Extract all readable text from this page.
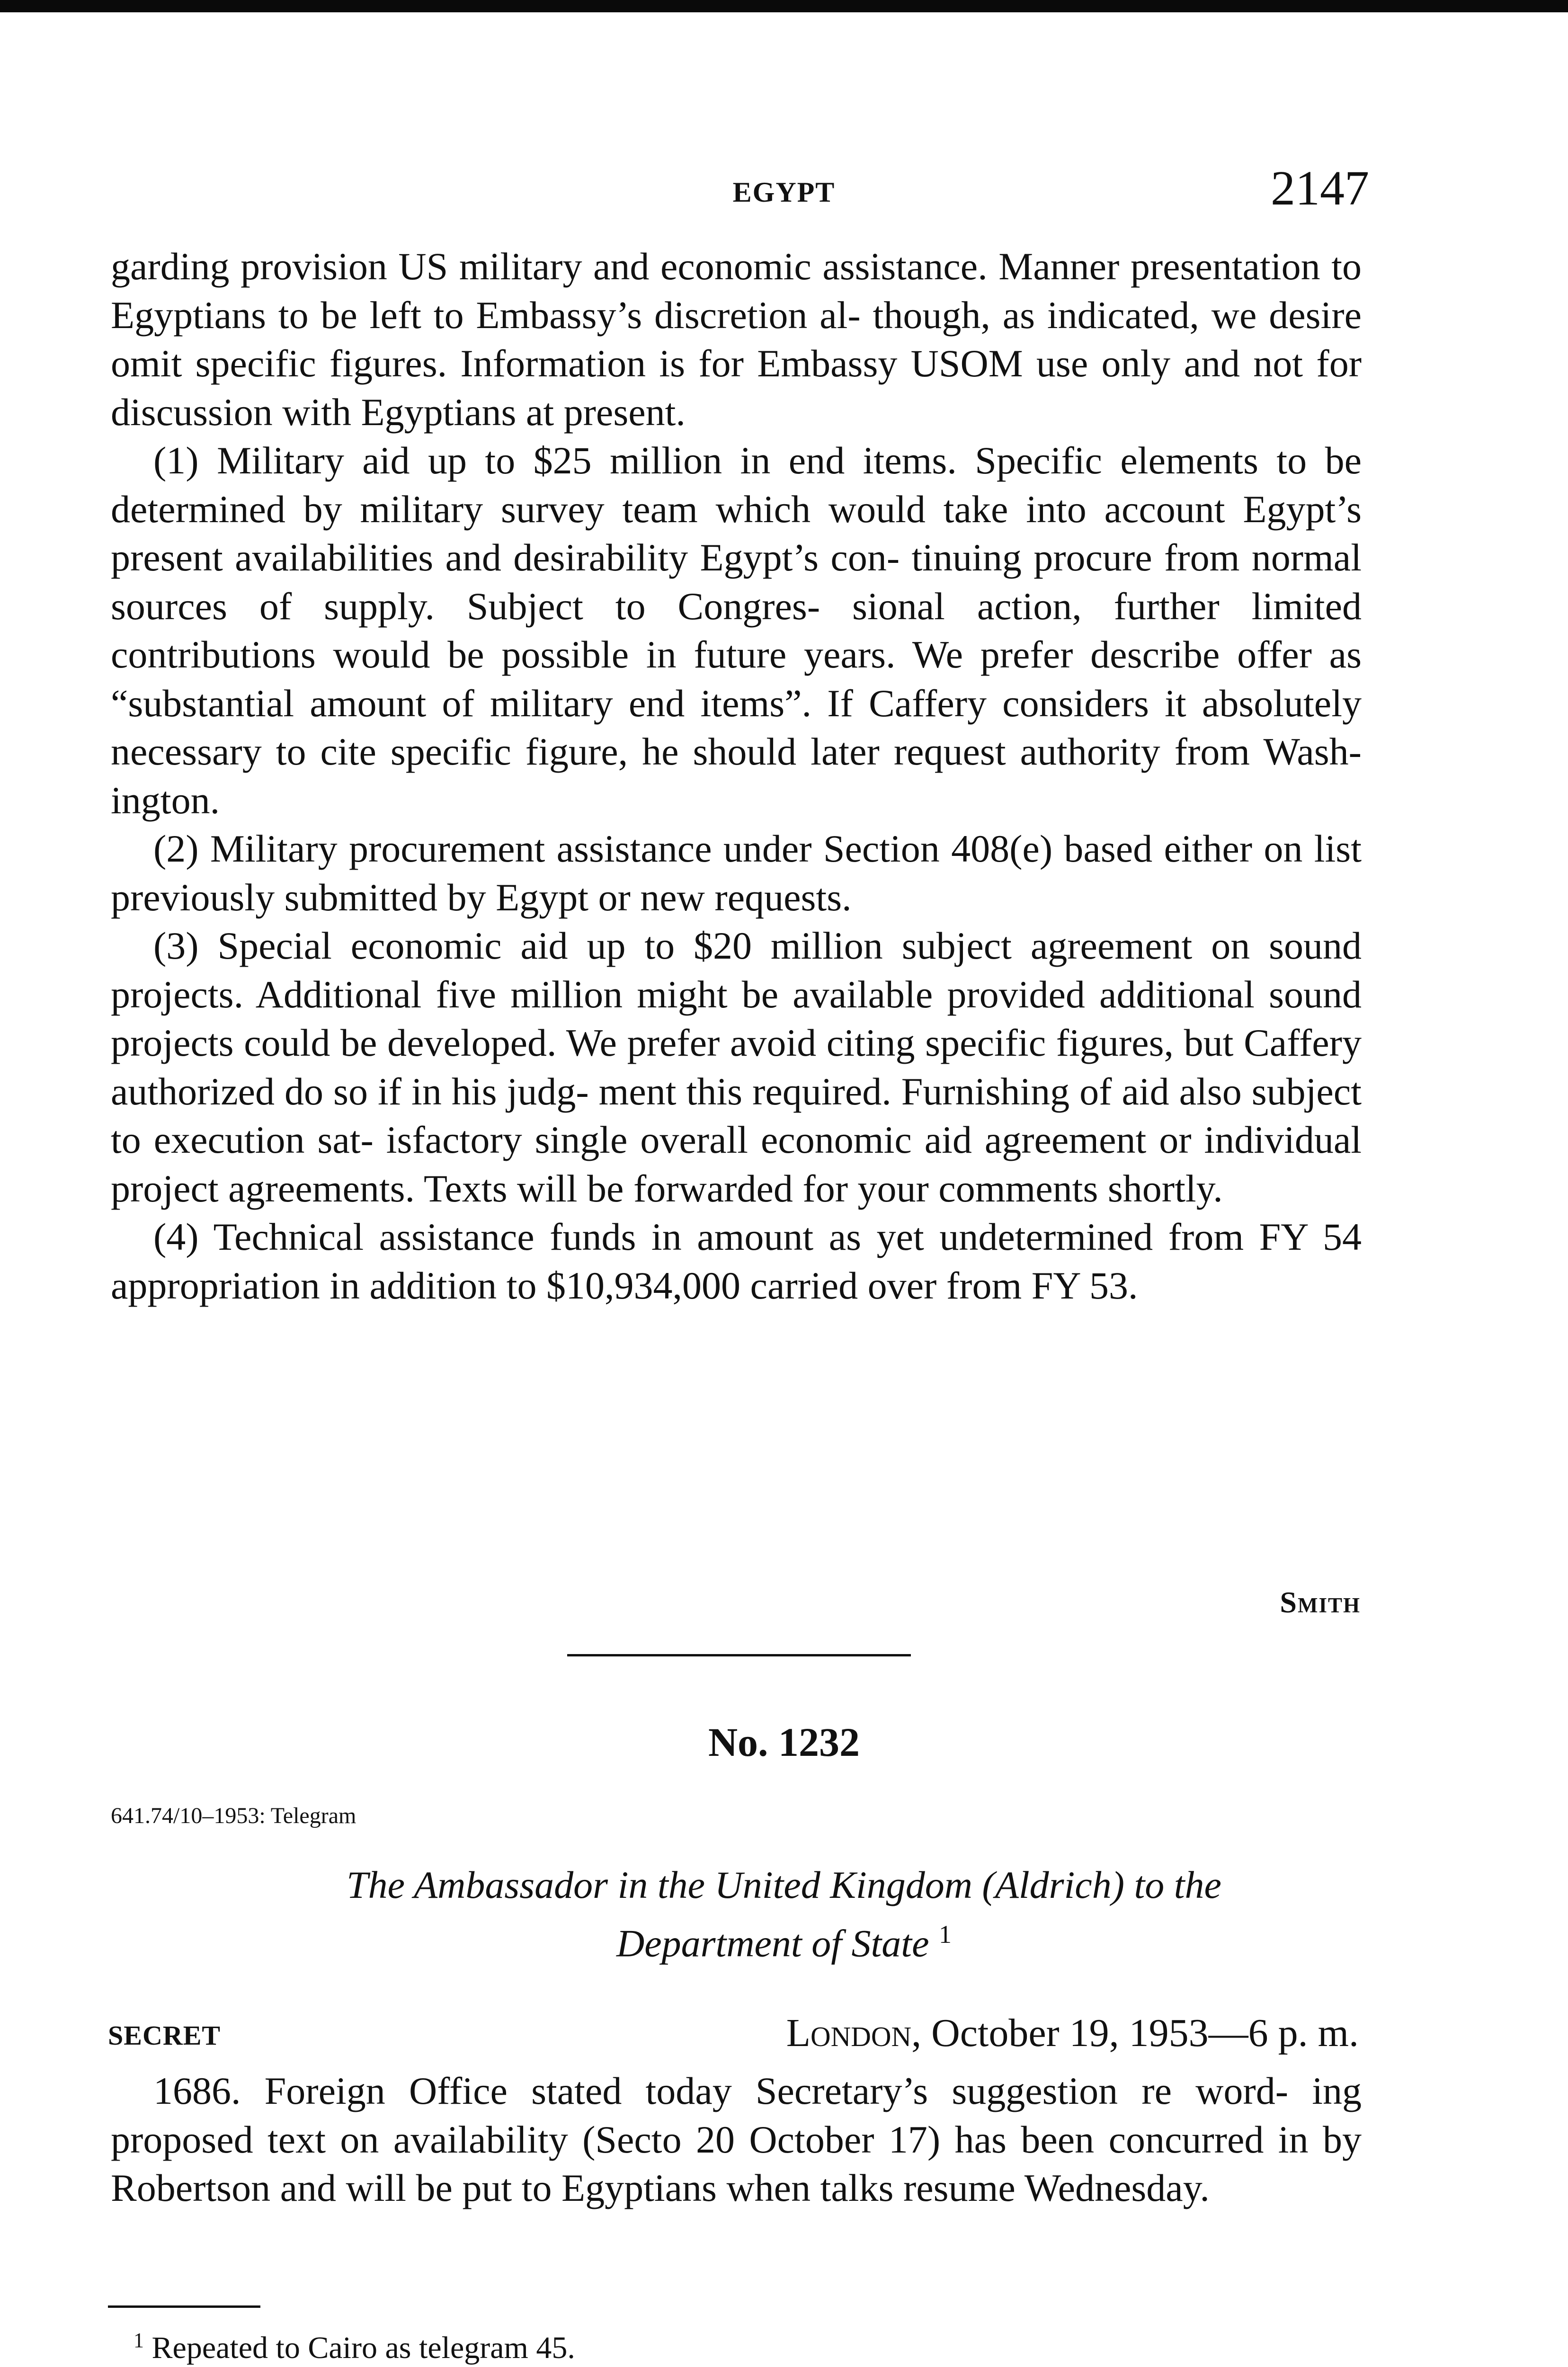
EGYPT	2147

garding provision US military and economic assistance. Manner presentation to Egyptians to be left to Embassy’s discretion al- though, as indicated, we desire omit specific figures. Information is for Embassy USOM use only and not for discussion with Egyptians at present.

(1) Military aid up to $25 million in end items. Specific elements to be determined by military survey team which would take into account Egypt’s present availabilities and desirability Egypt’s con- tinuing procure from normal sources of supply. Subject to Congres- sional action, further limited contributions would be possible in future years. We prefer describe offer as “substantial amount of military end items”. If Caffery considers it absolutely necessary to cite specific figure, he should later request authority from Wash- ington.

(2) Military procurement assistance under Section 408(e) based either on list previously submitted by Egypt or new requests.

(3) Special economic aid up to $20 million subject agreement on sound projects. Additional five million might be available provided additional sound projects could be developed. We prefer avoid citing specific figures, but Caffery authorized do so if in his judg- ment this required. Furnishing of aid also subject to execution sat- isfactory single overall economic aid agreement or individual project agreements. Texts will be forwarded for your comments shortly.

(4) Technical assistance funds in amount as yet undetermined from FY 54 appropriation in addition to $10,934,000 carried over from FY 53.

Smith
No. 1232
641.74/10–1953: Telegram
The Ambassador in the United Kingdom (Aldrich) to the
Department of State $^1$
SECRET	London, October 19, 1953—6 p. m.

1686. Foreign Office stated today Secretary’s suggestion re word- ing proposed text on availability (Secto 20 October 17) has been concurred in by Robertson and will be put to Egyptians when talks resume Wednesday.

$^1$ Repeated to Cairo as telegram 45.
